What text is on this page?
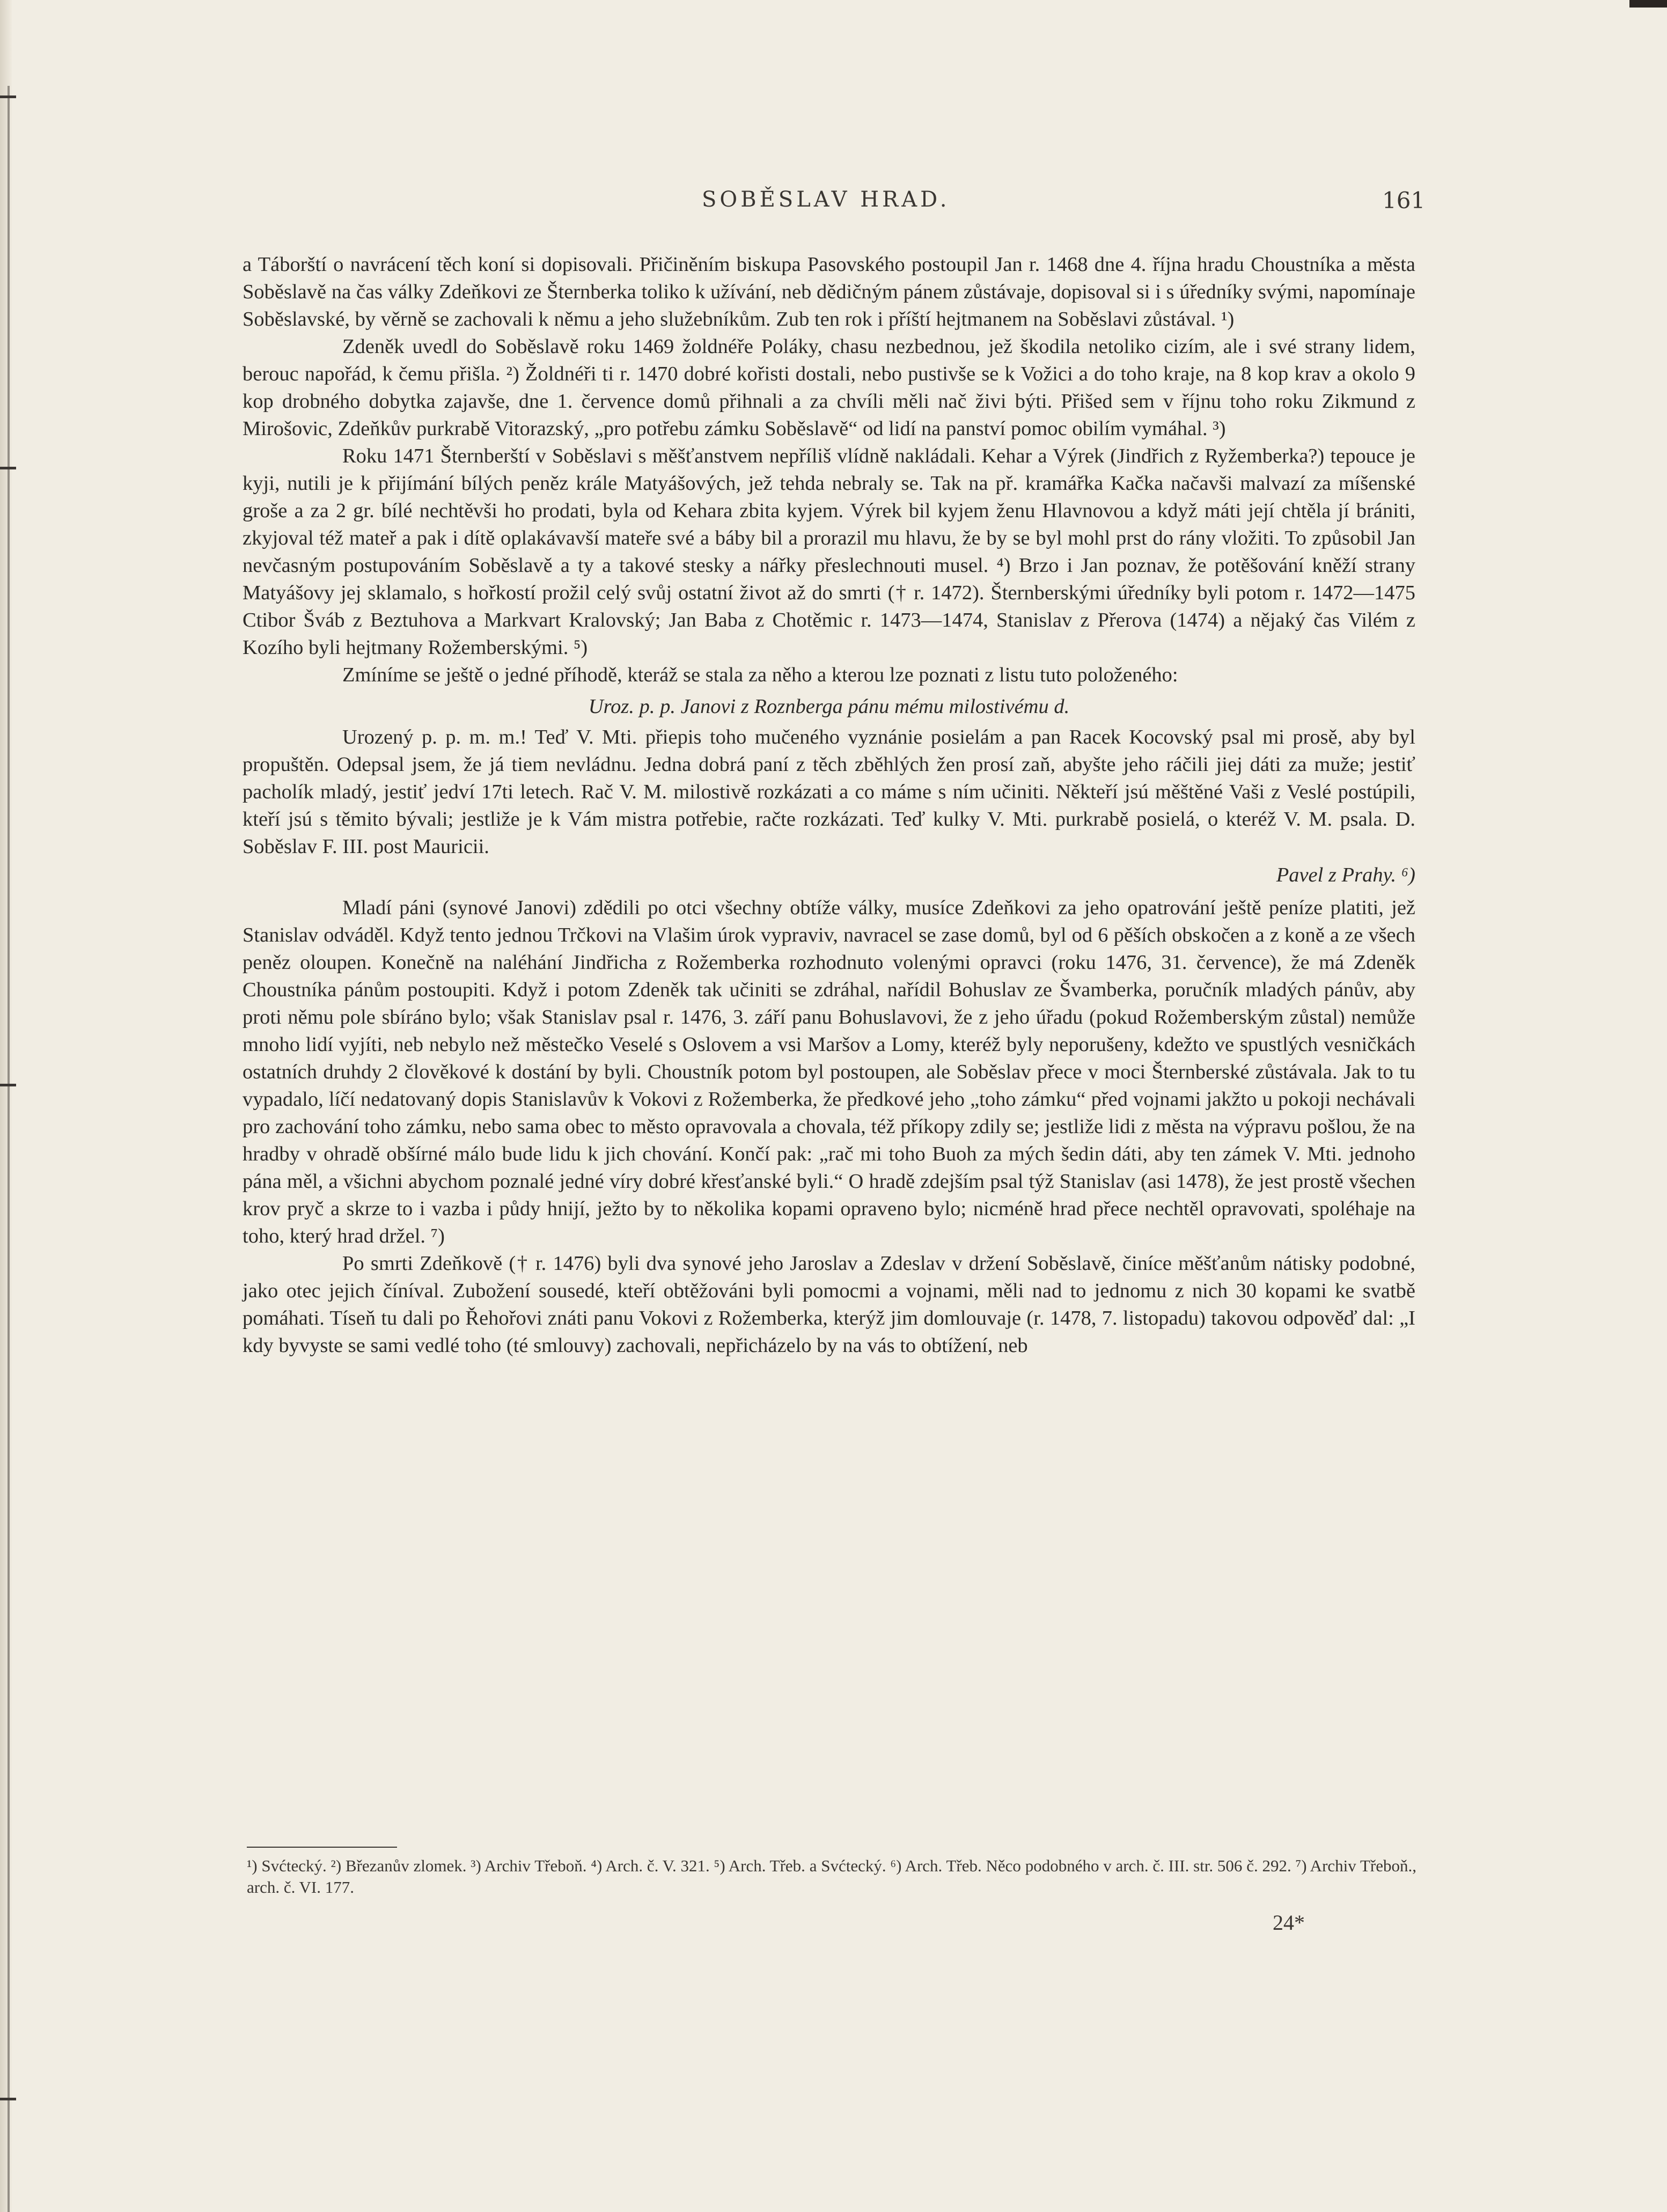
SOBĚSLAV HRAD.	161

a Táborští o navrácení těch koní si dopisovali. Přičiněním biskupa Pasovského postoupil Jan r. 1468 dne 4. října hradu Choustníka a města Soběslavě na čas války Zdeňkovi ze Šternberka toliko k užívání, neb dědičným pánem zůstávaje, dopisoval si i s úředníky svými, napomínaje Soběslavské, by věrně se zachovali k němu a jeho služebníkům. Zub ten rok i příští hejtmanem na Soběslavi zůstával. ¹)

Zdeněk uvedl do Soběslavě roku 1469 žoldnéře Poláky, chasu nezbednou, jež škodila netoliko cizím, ale i své strany lidem, berouc napořád, k čemu přišla. ²) Žoldnéři ti r. 1470 dobré kořisti dostali, nebo pustivše se k Vožici a do toho kraje, na 8 kop krav a okolo 9 kop drobného dobytka zajavše, dne 1. července domů přihnali a za chvíli měli nač živi býti. Přišed sem v říjnu toho roku Zikmund z Mirošovic, Zdeňkův purkrabě Vitorazský, „pro potřebu zámku Soběslavě“ od lidí na panství pomoc obilím vymáhal. ³)

Roku 1471 Šternberští v Soběslavi s měšťanstvem nepříliš vlídně nakládali. Kehar a Výrek (Jindřich z Ryžemberka?) tepouce je kyji, nutili je k přijímání bílých peněz krále Matyášových, jež tehda nebraly se. Tak na př. kramářka Kačka načavši malvazí za míšenské groše a za 2 gr. bílé nechtěvši ho prodati, byla od Kehara zbita kyjem. Výrek bil kyjem ženu Hlavnovou a když máti její chtěla jí brániti, zkyjoval též mateř a pak i dítě oplakávavší mateře své a báby bil a prorazil mu hlavu, že by se byl mohl prst do rány vložiti. To způsobil Jan nevčasným postupováním Soběslavě a ty a takové stesky a nářky přeslechnouti musel. ⁴) Brzo i Jan poznav, že potěšování kněží strany Matyášovy jej sklamalo, s hořkostí prožil celý svůj ostatní život až do smrti († r. 1472). Šternberskými úředníky byli potom r. 1472—1475 Ctibor Šváb z Beztuhova a Markvart Kralovský; Jan Baba z Chotěmic r. 1473—1474, Stanislav z Přerova (1474) a nějaký čas Vilém z Kozího byli hejtmany Rožemberskými. ⁵)

Zmíníme se ještě o jedné příhodě, kteráž se stala za něho a kterou lze poznati z listu tuto položeného:

Uroz. p. p. Janovi z Roznberga pánu mému milostivému d.

Urozený p. p. m. m.! Teď V. Mti. přiepis toho mučeného vyznánie posielám a pan Racek Kocovský psal mi prosě, aby byl propuštěn. Odepsal jsem, že já tiem nevládnu. Jedna dobrá paní z těch zběhlých žen prosí zaň, abyšte jeho ráčili jiej dáti za muže; jestiť pacholík mladý, jestiť jedví 17ti letech. Rač V. M. milostivě rozkázati a co máme s ním učiniti. Někteří jsú měštěné Vaši z Veslé postúpili, kteří jsú s těmito bývali; jestliže je k Vám mistra potřebie, račte rozkázati. Teď kulky V. Mti. purkrabě posielá, o kteréž V. M. psala. D. Soběslav F. III. post Mauricii.

Pavel z Prahy. ⁶)

Mladí páni (synové Janovi) zdědili po otci všechny obtíže války, musíce Zdeňkovi za jeho opatrování ještě peníze platiti, jež Stanislav odváděl. Když tento jednou Trčkovi na Vlašim úrok vypraviv, navracel se zase domů, byl od 6 pěších obskočen a z koně a ze všech peněz oloupen. Konečně na naléhání Jindřicha z Rožemberka rozhodnuto volenými opravci (roku 1476, 31. července), že má Zdeněk Choustníka pánům postoupiti. Když i potom Zdeněk tak učiniti se zdráhal, nařídil Bohuslav ze Švamberka, poručník mladých pánův, aby proti němu pole sbíráno bylo; však Stanislav psal r. 1476, 3. září panu Bohuslavovi, že z jeho úřadu (pokud Rožemberským zůstal) nemůže mnoho lidí vyjíti, neb nebylo než městečko Veselé s Oslovem a vsi Maršov a Lomy, kteréž byly neporušeny, kdežto ve spustlých vesničkách ostatních druhdy 2 člověkové k dostání by byli. Choustník potom byl postoupen, ale Soběslav přece v moci Šternberské zůstávala. Jak to tu vypadalo, líčí nedatovaný dopis Stanislavův k Vokovi z Rožemberka, že předkové jeho „toho zámku“ před vojnami jakžto u pokoji nechávali pro zachování toho zámku, nebo sama obec to město opravovala a chovala, též příkopy zdily se; jestliže lidi z města na výpravu pošlou, že na hradby v ohradě obšírné málo bude lidu k jich chování. Končí pak: „rač mi toho Buoh za mých šedin dáti, aby ten zámek V. Mti. jednoho pána měl, a všichni abychom poznalé jedné víry dobré křesťanské byli.“ O hradě zdejším psal týž Stanislav (asi 1478), že jest prostě všechen krov pryč a skrze to i vazba i půdy hnijí, ježto by to několika kopami opraveno bylo; nicméně hrad přece nechtěl opravovati, spoléhaje na toho, který hrad držel. ⁷)

Po smrti Zdeňkově († r. 1476) byli dva synové jeho Jaroslav a Zdeslav v držení Soběslavě, činíce měšťanům nátisky podobné, jako otec jejich číníval. Zubožení sousedé, kteří obtěžováni byli pomocmi a vojnami, měli nad to jednomu z nich 30 kopami ke svatbě pomáhati. Tíseň tu dali po Řehořovi znáti panu Vokovi z Rožemberka, kterýž jim domlouvaje (r. 1478, 7. listopadu) takovou odpověď dal: „I kdy byvyste se sami vedlé toho (té smlouvy) zachovali, nepřicházelo by na vás to obtížení, neb

¹) Svćtecký. ²) Březanův zlomek. ³) Archiv Třeboň. ⁴) Arch. č. V. 321. ⁵) Arch. Třeb. a Svćtecký. ⁶) Arch. Třeb. Něco podobného v arch. č. III. str. 506 č. 292. ⁷) Archiv Třeboň., arch. č. VI. 177.
24*
